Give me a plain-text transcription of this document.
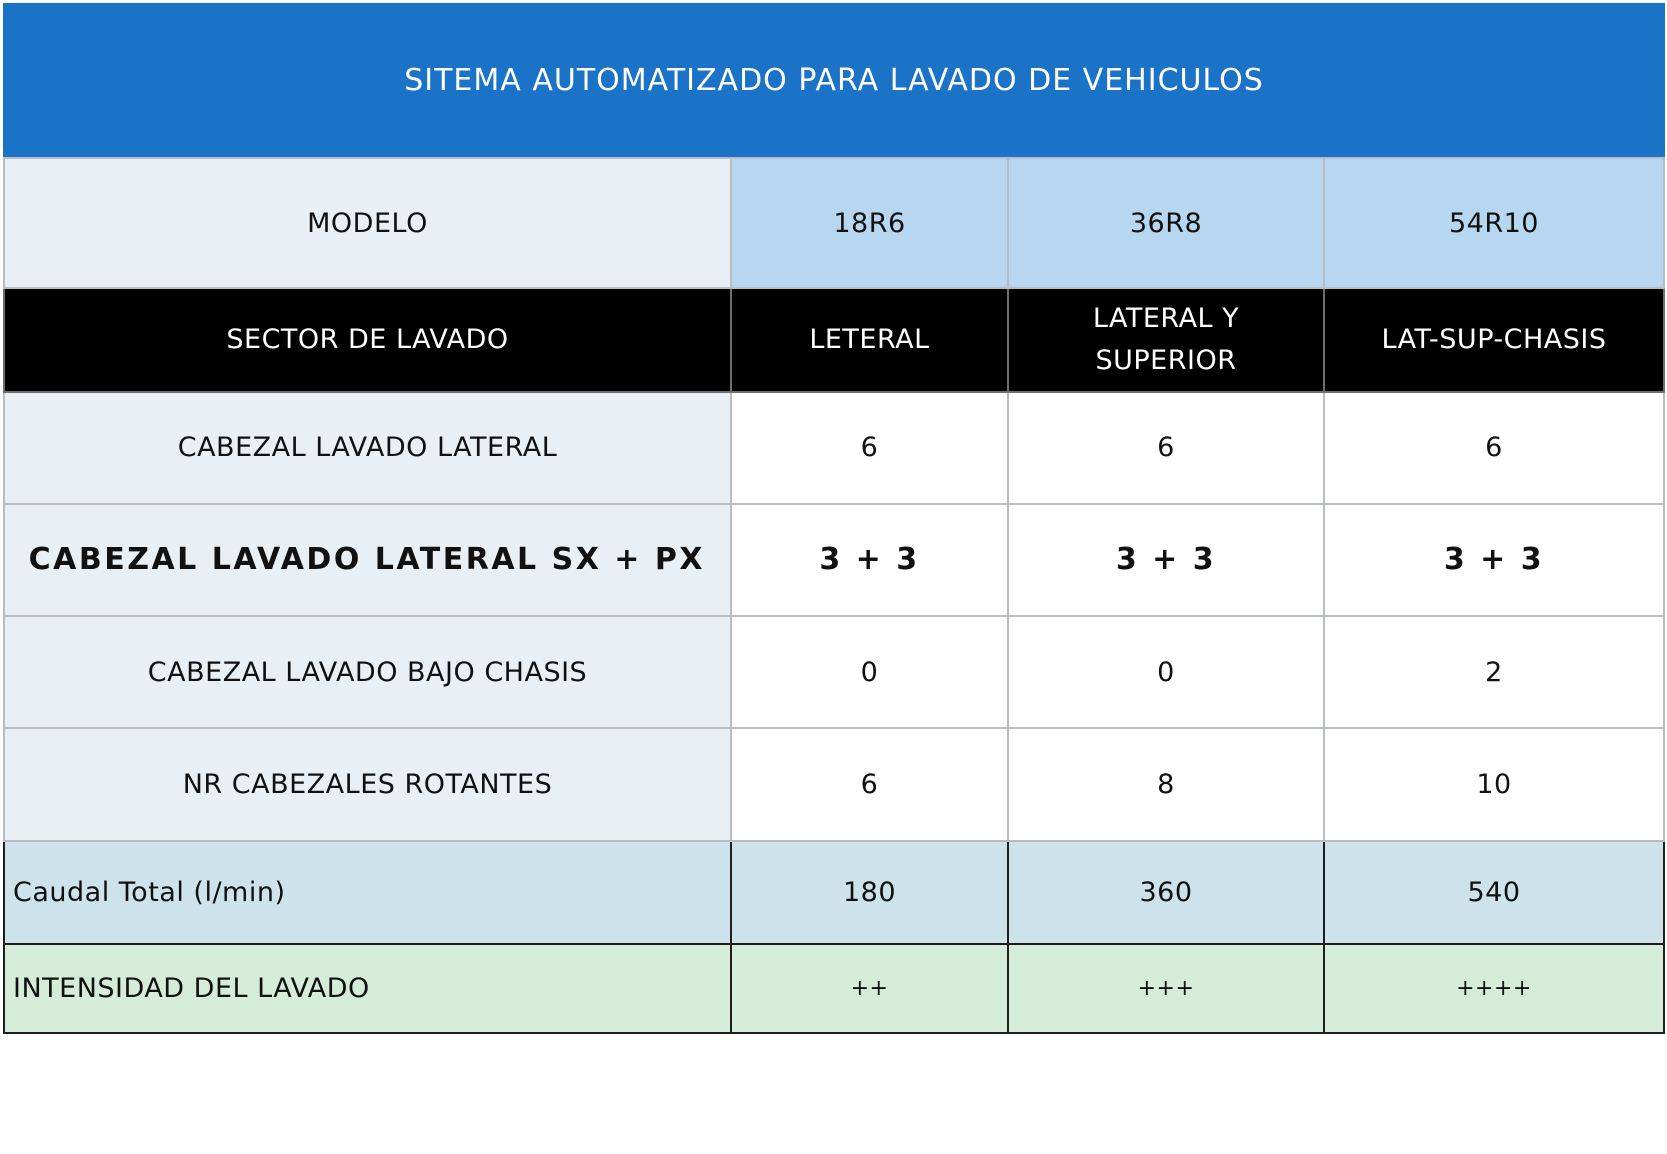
SITEMA AUTOMATIZADO PARA LAVADO DE VEHICULOS			
MODELO	18R6	36R8	54R10
SECTOR DE LAVADO	LETERAL	LATERAL Y SUPERIOR	LAT-SUP-CHASIS
CABEZAL LAVADO LATERAL	6	6	6
CABEZAL LAVADO LATERAL SX + PX	3 + 3	3 + 3	3 + 3
CABEZAL LAVADO BAJO CHASIS	0	0	2
NR CABEZALES ROTANTES	6	8	10
Caudal Total (l/min)	180	360	540
INTENSIDAD DEL LAVADO	++	+++	++++
